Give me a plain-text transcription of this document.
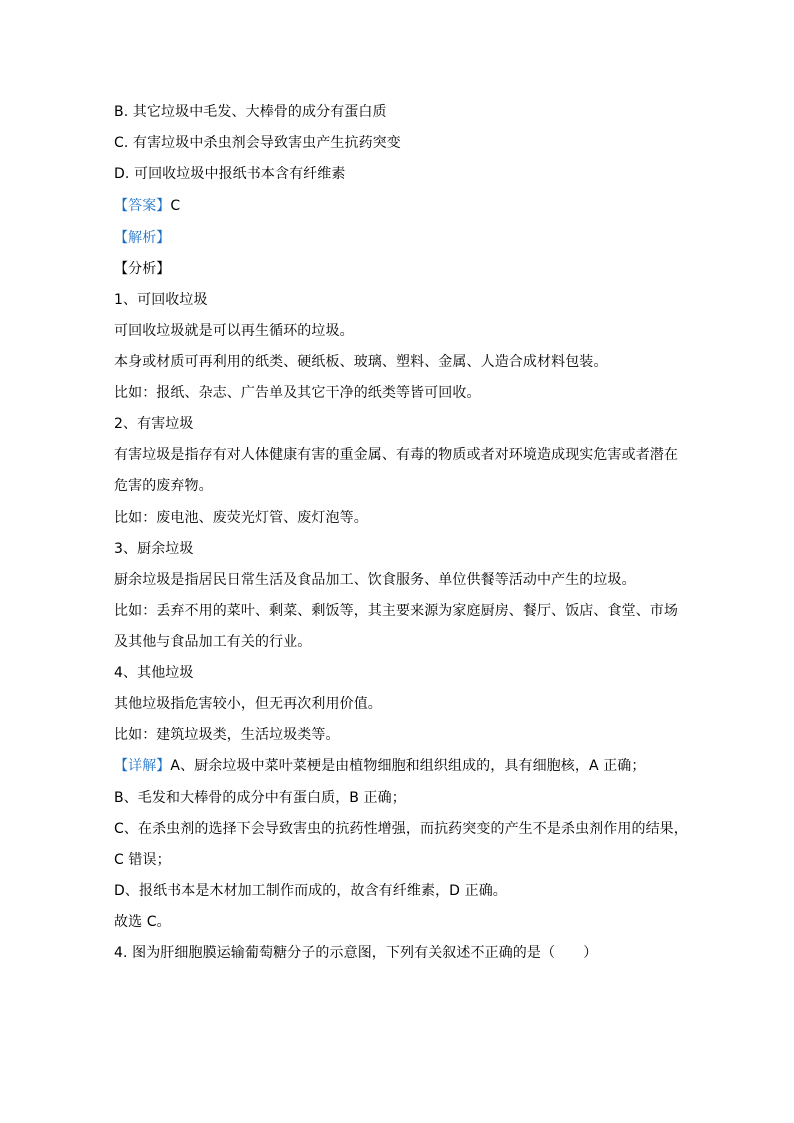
B. 其它垃圾中毛发、大棒骨的成分有蛋白质
C. 有害垃圾中杀虫剂会导致害虫产生抗药突变
D. 可回收垃圾中报纸书本含有纤维素
【答案】C
【解析】
【分析】
1、可回收垃圾
可回收垃圾就是可以再生循环的垃圾。
本身或材质可再利用的纸类、硬纸板、玻璃、塑料、金属、人造合成材料包装。
比如：报纸、杂志、广告单及其它干净的纸类等皆可回收。
2、有害垃圾
有害垃圾是指存有对人体健康有害的重金属、有毒的物质或者对环境造成现实危害或者潜在
危害的废弃物。
比如：废电池、废荧光灯管、废灯泡等。
3、厨余垃圾
厨余垃圾是指居民日常生活及食品加工、饮食服务、单位供餐等活动中产生的垃圾。
比如：丢弃不用的菜叶、剩菜、剩饭等，其主要来源为家庭厨房、餐厅、饭店、食堂、市场
及其他与食品加工有关的行业。
4、其他垃圾
其他垃圾指危害较小，但无再次利用价值。
比如：建筑垃圾类，生活垃圾类等。
【详解】A、厨余垃圾中菜叶菜梗是由植物细胞和组织组成的，具有细胞核，A 正确；
B、毛发和大棒骨的成分中有蛋白质，B 正确；
C、在杀虫剂的选择下会导致害虫的抗药性增强，而抗药突变的产生不是杀虫剂作用的结果，
C 错误；
D、报纸书本是木材加工制作而成的，故含有纤维素，D 正确。
故选 C。
4. 图为肝细胞膜运输葡萄糖分子的示意图，下列有关叙述不正确的是（　　）
